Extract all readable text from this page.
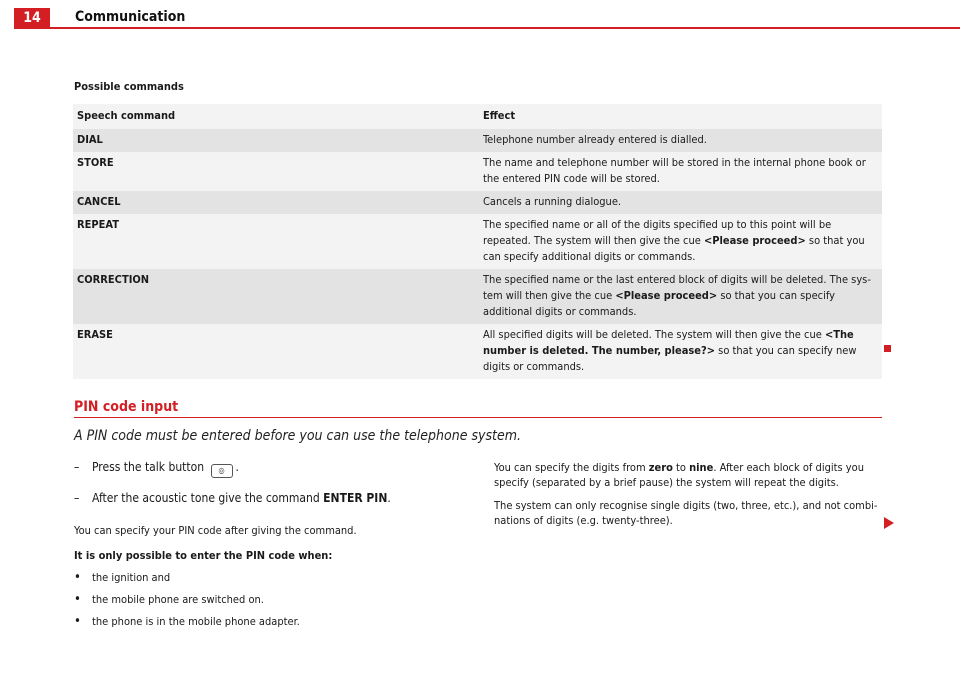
14	Communication
Possible commands
Speech command	Effect
DIAL	Telephone number already entered is dialled.
STORE	The name and telephone number will be stored in the internal phone book or the entered PIN code will be stored.
CANCEL	Cancels a running dialogue.
REPEAT	The specified name or all of the digits specified up to this point will be repeated. The system will then give the cue <Please proceed> so that you can specify additional digits or commands.
CORRECTION	The specified name or the last entered block of digits will be deleted. The sys-tem will then give the cue <Please proceed> so that you can specify additional digits or commands.
ERASE	All specified digits will be deleted. The system will then give the cue <The number is deleted. The number, please?> so that you can specify new digits or commands.
PIN code input
A PIN code must be entered before you can use the telephone system.
– Press the talk button ◎ .
– After the acoustic tone give the command ENTER PIN.
You can specify your PIN code after giving the command.
It is only possible to enter the PIN code when:
• the ignition and
• the mobile phone are switched on.
• the phone is in the mobile phone adapter.

You can specify the digits from zero to nine. After each block of digits you specify (separated by a brief pause) the system will repeat the digits.

The system can only recognise single digits (two, three, etc.), and not combi-nations of digits (e.g. twenty-three).
